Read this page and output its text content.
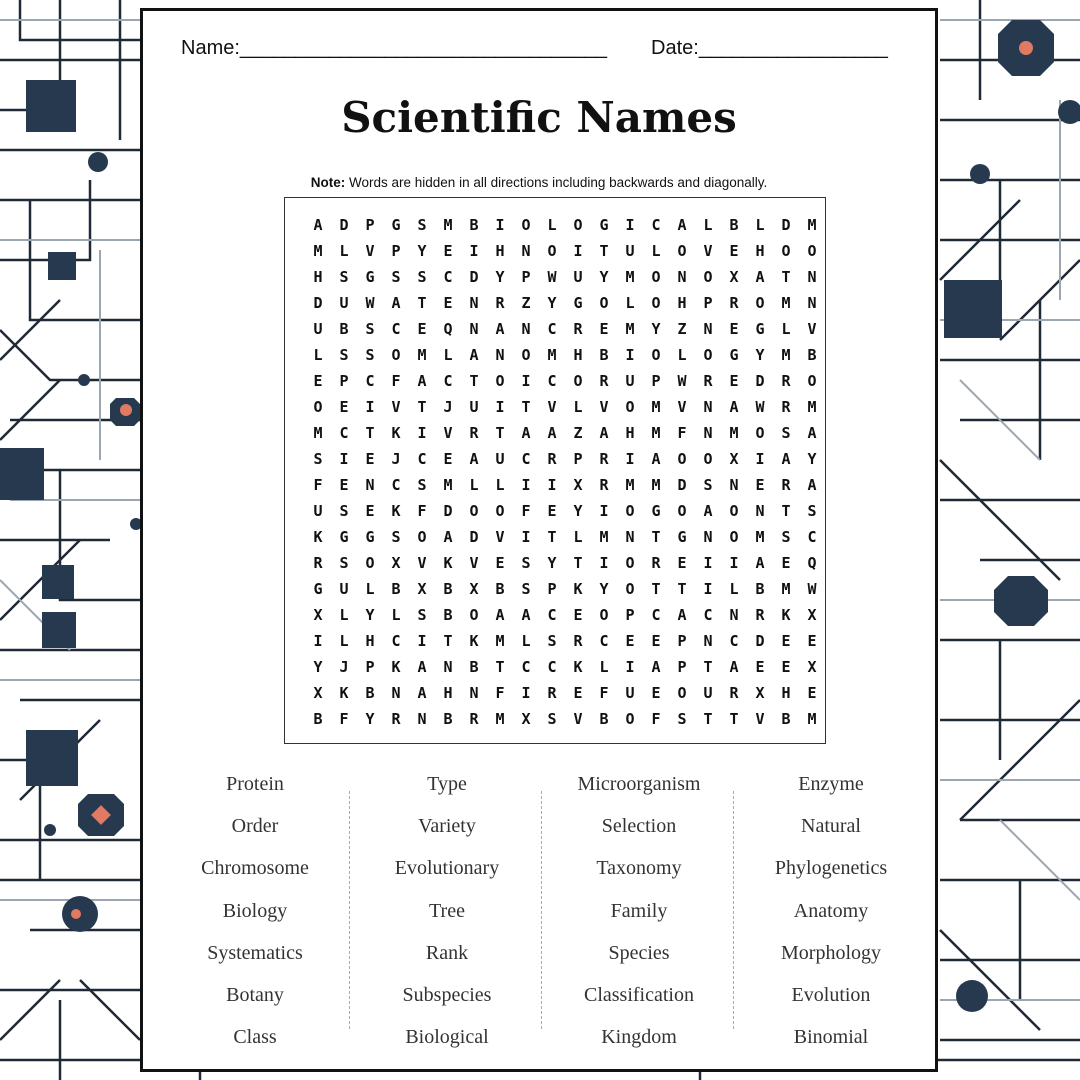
Name:_________________________________ Date:_________________
Scientific Names
Note: Words are hidden in all directions including backwards and diagonally.
A	D	P	G	S	M	B	I	O	L	O	G	I	C	A	L	B	L	D	M
M	L	V	P	Y	E	I	H	N	O	I	T	U	L	O	V	E	H	O	O
H	S	G	S	S	C	D	Y	P	W	U	Y	M	O	N	O	X	A	T	N
D	U	W	A	T	E	N	R	Z	Y	G	O	L	O	H	P	R	O	M	N
U	B	S	C	E	Q	N	A	N	C	R	E	M	Y	Z	N	E	G	L	V
L	S	S	O	M	L	A	N	O	M	H	B	I	O	L	O	G	Y	M	B
E	P	C	F	A	C	T	O	I	C	O	R	U	P	W	R	E	D	R	O
O	E	I	V	T	J	U	I	T	V	L	V	O	M	V	N	A	W	R	M
M	C	T	K	I	V	R	T	A	A	Z	A	H	M	F	N	M	O	S	A
S	I	E	J	C	E	A	U	C	R	P	R	I	A	O	O	X	I	A	Y
F	E	N	C	S	M	L	L	I	I	X	R	M	M	D	S	N	E	R	A
U	S	E	K	F	D	O	O	F	E	Y	I	O	G	O	A	O	N	T	S
K	G	G	S	O	A	D	V	I	T	L	M	N	T	G	N	O	M	S	C
R	S	O	X	V	K	V	E	S	Y	T	I	O	R	E	I	I	A	E	Q
G	U	L	B	X	B	X	B	S	P	K	Y	O	T	T	I	L	B	M	W
X	L	Y	L	S	B	O	A	A	C	E	O	P	C	A	C	N	R	K	X
I	L	H	C	I	T	K	M	L	S	R	C	E	E	P	N	C	D	E	E
Y	J	P	K	A	N	B	T	C	C	K	L	I	A	P	T	A	E	E	X
X	K	B	N	A	H	N	F	I	R	E	F	U	E	O	U	R	X	H	E
B	F	Y	R	N	B	R	M	X	S	V	B	O	F	S	T	T	V	B	M
Protein
Order
Chromosome
Biology
Systematics
Botany
Class
Type
Variety
Evolutionary
Tree
Rank
Subspecies
Biological
Microorganism
Selection
Taxonomy
Family
Species
Classification
Kingdom
Enzyme
Natural
Phylogenetics
Anatomy
Morphology
Evolution
Binomial
